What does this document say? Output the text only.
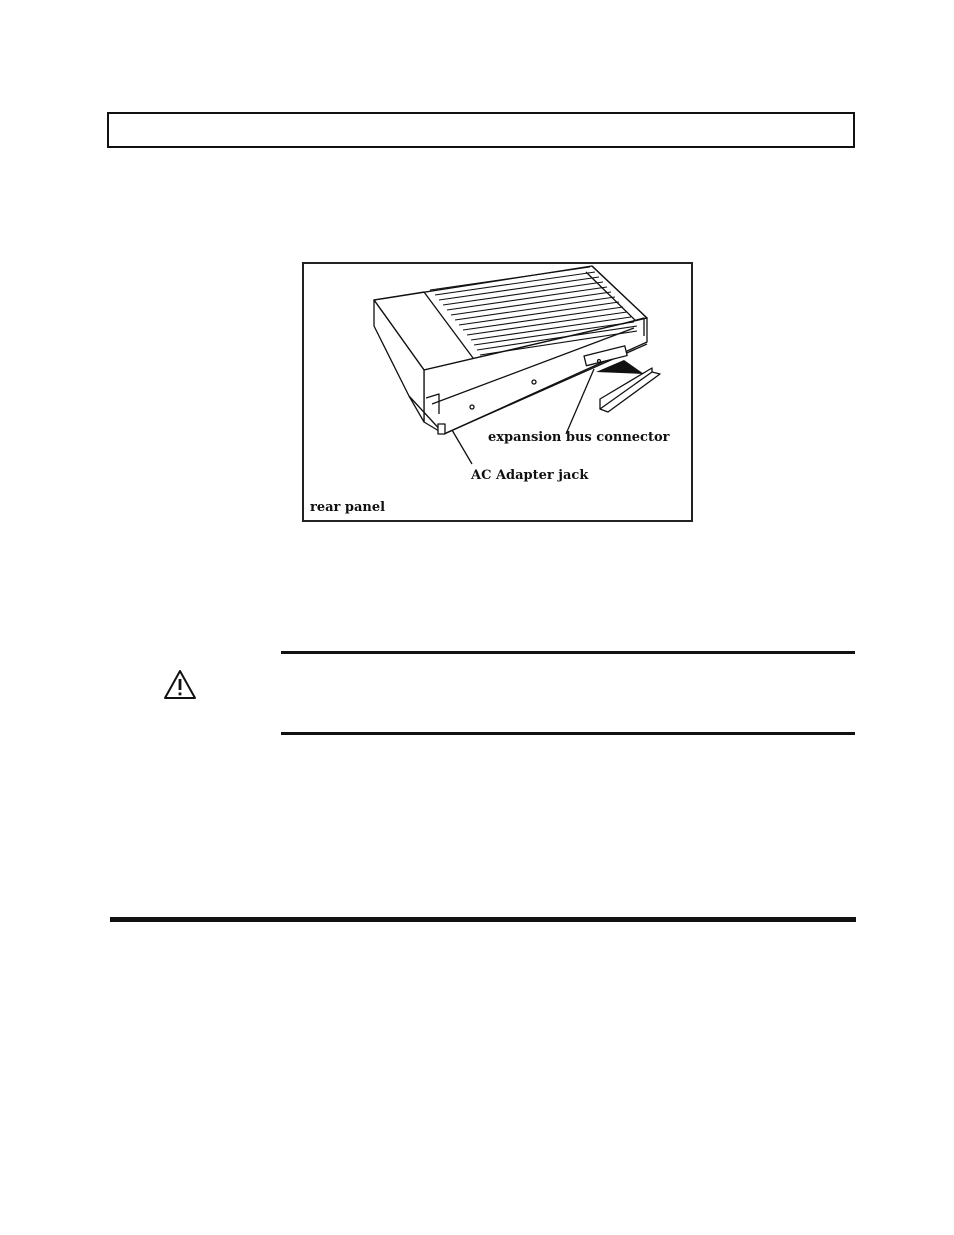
expansion bus connector
AC Adapter jack
rear panel
